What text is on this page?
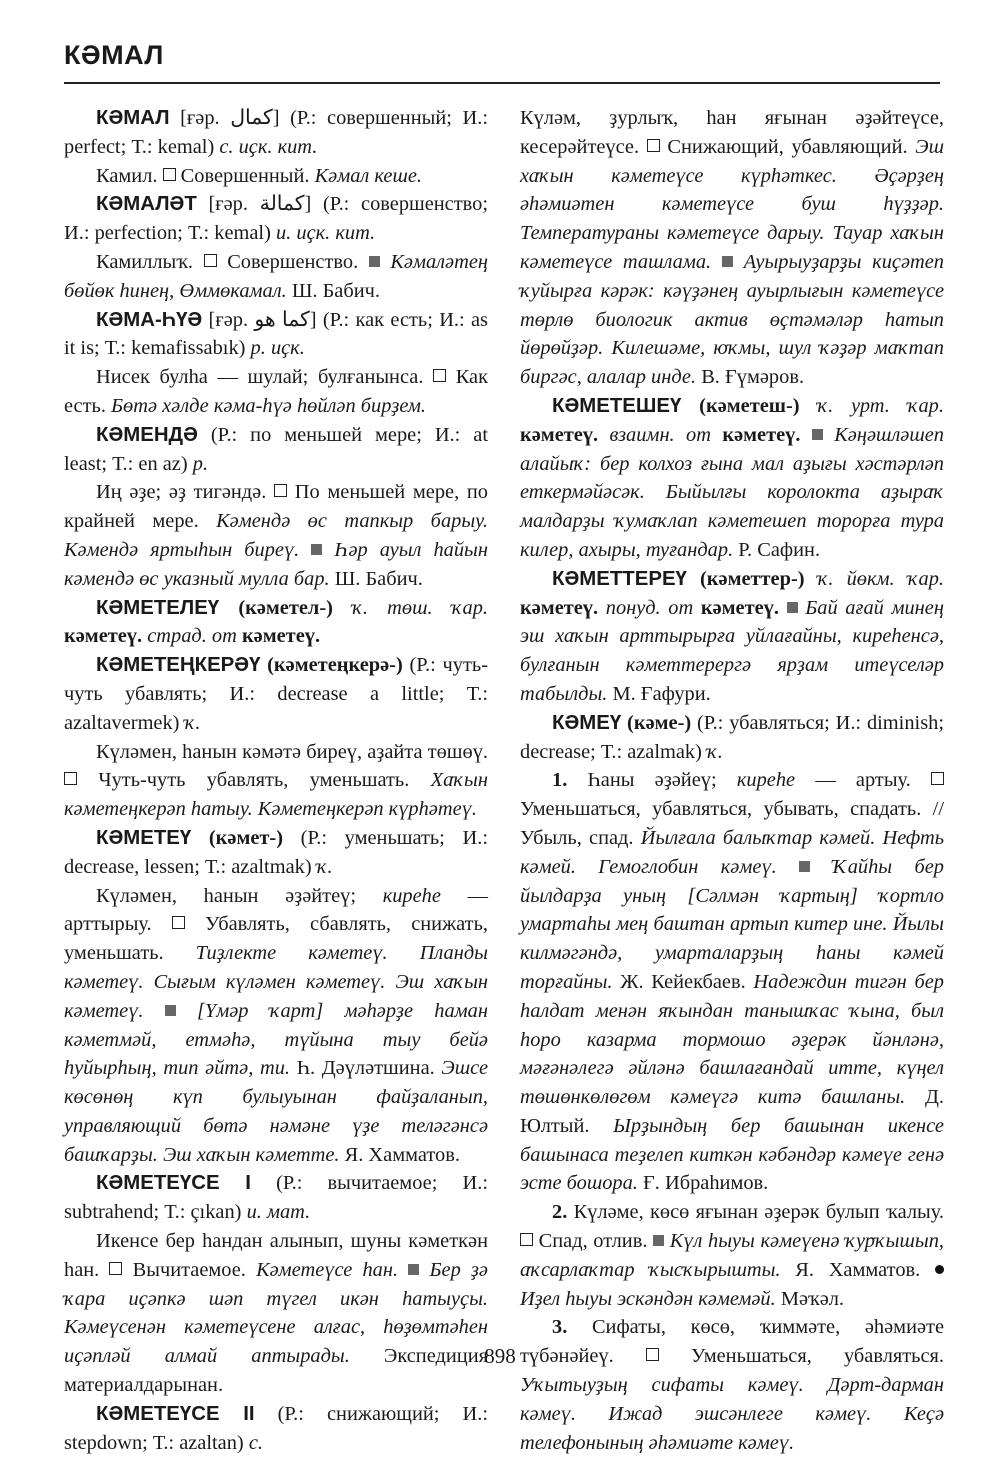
КӘМАЛ

КӘМАЛ [ғәр. كمال] (Р.: совершенный; И.: perfect; Т.: kemal) с. иҫк. кит.

Камил.  Совершенный. Кәмал кеше.

КӘМАЛӘТ [ғәр. كمالة] (Р.: совершенство; И.: perfection; Т.: kemal) и. иҫк. кит.

Камиллыҡ.  Совершенство.  Кәмаләтең бөйөк һинең, Өммөкамал. Ш. Бабич.

КӘМА-ҺҮӘ [ғәр. كما هو] (Р.: как есть; И.: as it is; Т.: kemafissabık) р. иҫк.

Нисек булһа — шулай; булғанынса.  Как есть. Бөтә хәлде кәма-һүә һөйләп бирҙем.

КӘМЕНДӘ (Р.: по меньшей мере; И.: at least; Т.: en az) р.

Иң әҙе; әҙ тигәндә.  По меньшей мере, по крайней мере. Кәмендә өс тапкыр барыу. Кәмендә яртыһын биреү. Һәр ауыл һайын кәмендә өс указный мулла бар. Ш. Бабич.

КӘМЕТЕЛЕҮ (кәметел-) ҡ. төш. ҡар. кәметеү. страд. от кәметеү.

КӘМЕТЕҢКЕРӘҮ (кәметеңкерә-) (Р.: чуть-чуть убавлять; И.: decrease a little; Т.: azaltavermek) ҡ.

Күләмен, һанын кәмәтә биреү, аҙайта төшөү.  Чуть-чуть убавлять, уменьшать. Хаҡын кәметеңкерәп һатыу. Кәметеңкерәп күрһәтеү.

КӘМЕТЕҮ (кәмет-) (Р.: уменьшать; И.: decrease, lessen; Т.: azaltmak) ҡ.

Күләмен, һанын әҙәйтеү; киреһе — арттырыу.  Убавлять, сбавлять, снижать, уменьшать. Тиҙлекте кәметеү. Планды кәметеү. Сығым күләмен кәметеү. Эш хаҡын кәметеү.	[Үмәр ҡарт] мәһәрҙе һаман кәметмәй, етмәһә, түйына тыу бейә һуйырһың, тип әйтә, ти. Һ. Дәүләтшина. Эшсе көсөнөң күп булыуынан файҙаланып, управляющий бөтә нәмәне үҙе теләгәнсә башҡарҙы. Эш хаҡын кәметте. Я. Хамматов.

КӘМЕТЕҮСЕ I (Р.: вычитаемое; И.: subtrahend; Т.: çıkan) и. мат.

Икенсе бер һандан алынып, шуны кәметкән һан.  Вычитаемое. Кәметеүсе һан. Бер ҙә ҡара иҫәпкә шәп түгел икән һатыуҫы. Кәмеүсенән кәметеүсене алғас, һөҙөмтәһен иҫәпләй алмай аптырады. Экспедиция материалдарынан.

КӘМЕТЕҮСЕ II (Р.: снижающий; И.: stepdown; Т.: azaltan) с.

Күләм, ҙурлыҡ, һан яғынан әҙәйтеүсе, кесерәйтеүсе.  Снижающий, убавляющий. Эш хаҡын кәметеүсе күрһәткес. Әҫәрҙең әһәмиәтен кәметеүсе буш һүҙҙәр. Температураны кәметеүсе дарыу. Тауар хаҡын кәметеүсе ташлама. Ауырыуҙарҙы киҫәтеп ҡуйырға кәрәк: кәүҙәнең ауырлығын кәметеүсе төрлө биологик актив өҫтәмәләр һатып йөрөйҙәр. Килешәме, юҡмы, шул ҡәҙәр маҡтап биргәс, алалар инде. В. Ғүмәров.

КӘМЕТЕШЕҮ (кәметеш-) ҡ. урт. ҡар. кәметеү. взаимн. от кәметеү. Кәңәшләшеп алайыҡ: бер колхоз ғына мал аҙығы хәстәрләп еткермәйәсәк. Быйылғы королокта аҙыраҡ малдарҙы ҡумаҡлап кәметешеп торорға тура килер, ахыры, туғандар. Р. Сафин.

КӘМЕТТЕРЕҮ (кәметтер-) ҡ. йөкм. ҡар. кәметеү. понуд. от кәметеү. Бай ағай минең эш хаҡын арттырырға уйлағайны, киреһенсә, булғанын кәметтерергә ярҙам итеүселәр табылды. М. Ғафури.

КӘМЕҮ (кәме-) (Р.: убавляться; И.: diminish; decrease; Т.: azalmak) ҡ.

1. Һаны әҙәйеү; киреһе — артыу.  Уменьшаться, убавляться, убывать, спадать. // Убыль, спад. Йылғала балыҡтар кәмей. Нефть кәмей. Гемоглобин кәмеү.	Ҡайһы бер йылдарҙа уның [Сәлмән ҡартың] ҡортло умартаһы мең баштан артып китер ине. Йылы килмәгәндә, умарталарҙың һаны кәмей торғайны. Ж. Кейекбаев. Надеждин тигән бер һалдат менән яҡындан танышҡас ҡына, был һоро казарма тормошо әҙерәк йәнләнә, мәғәнәлегә әйләнә башлағандай итте, күңел төшөнкөлөгөм кәмеүгә китә башланы. Д. Юлтый. Ырҙындың бер башынан икенсе башынаса теҙелеп киткән кәбәндәр кәмеүе генә эсте бошора. Ғ. Ибраһимов.

2. Күләме, көсө яғынан әҙерәк булып ҡалыу.  Спад, отлив.  Күл һыуы кәмеүенә ҡурҡышып, аҡсарлаҡтар ҡысҡырышты. Я. Хамматов.  Иҙел һыуы эскәндән кәмемәй. Мәҡәл.

3. Сифаты, көсө, ҡиммәте, әһәмиәте түбәнәйеү.  Уменьшаться, убавляться. Уҡытыуҙың сифаты кәмеү. Дәрт-дарман кәмеү. Ижад эшсәнлеге кәмеү. Кеҫә телефонының әһәмиәте кәмеү.

898
